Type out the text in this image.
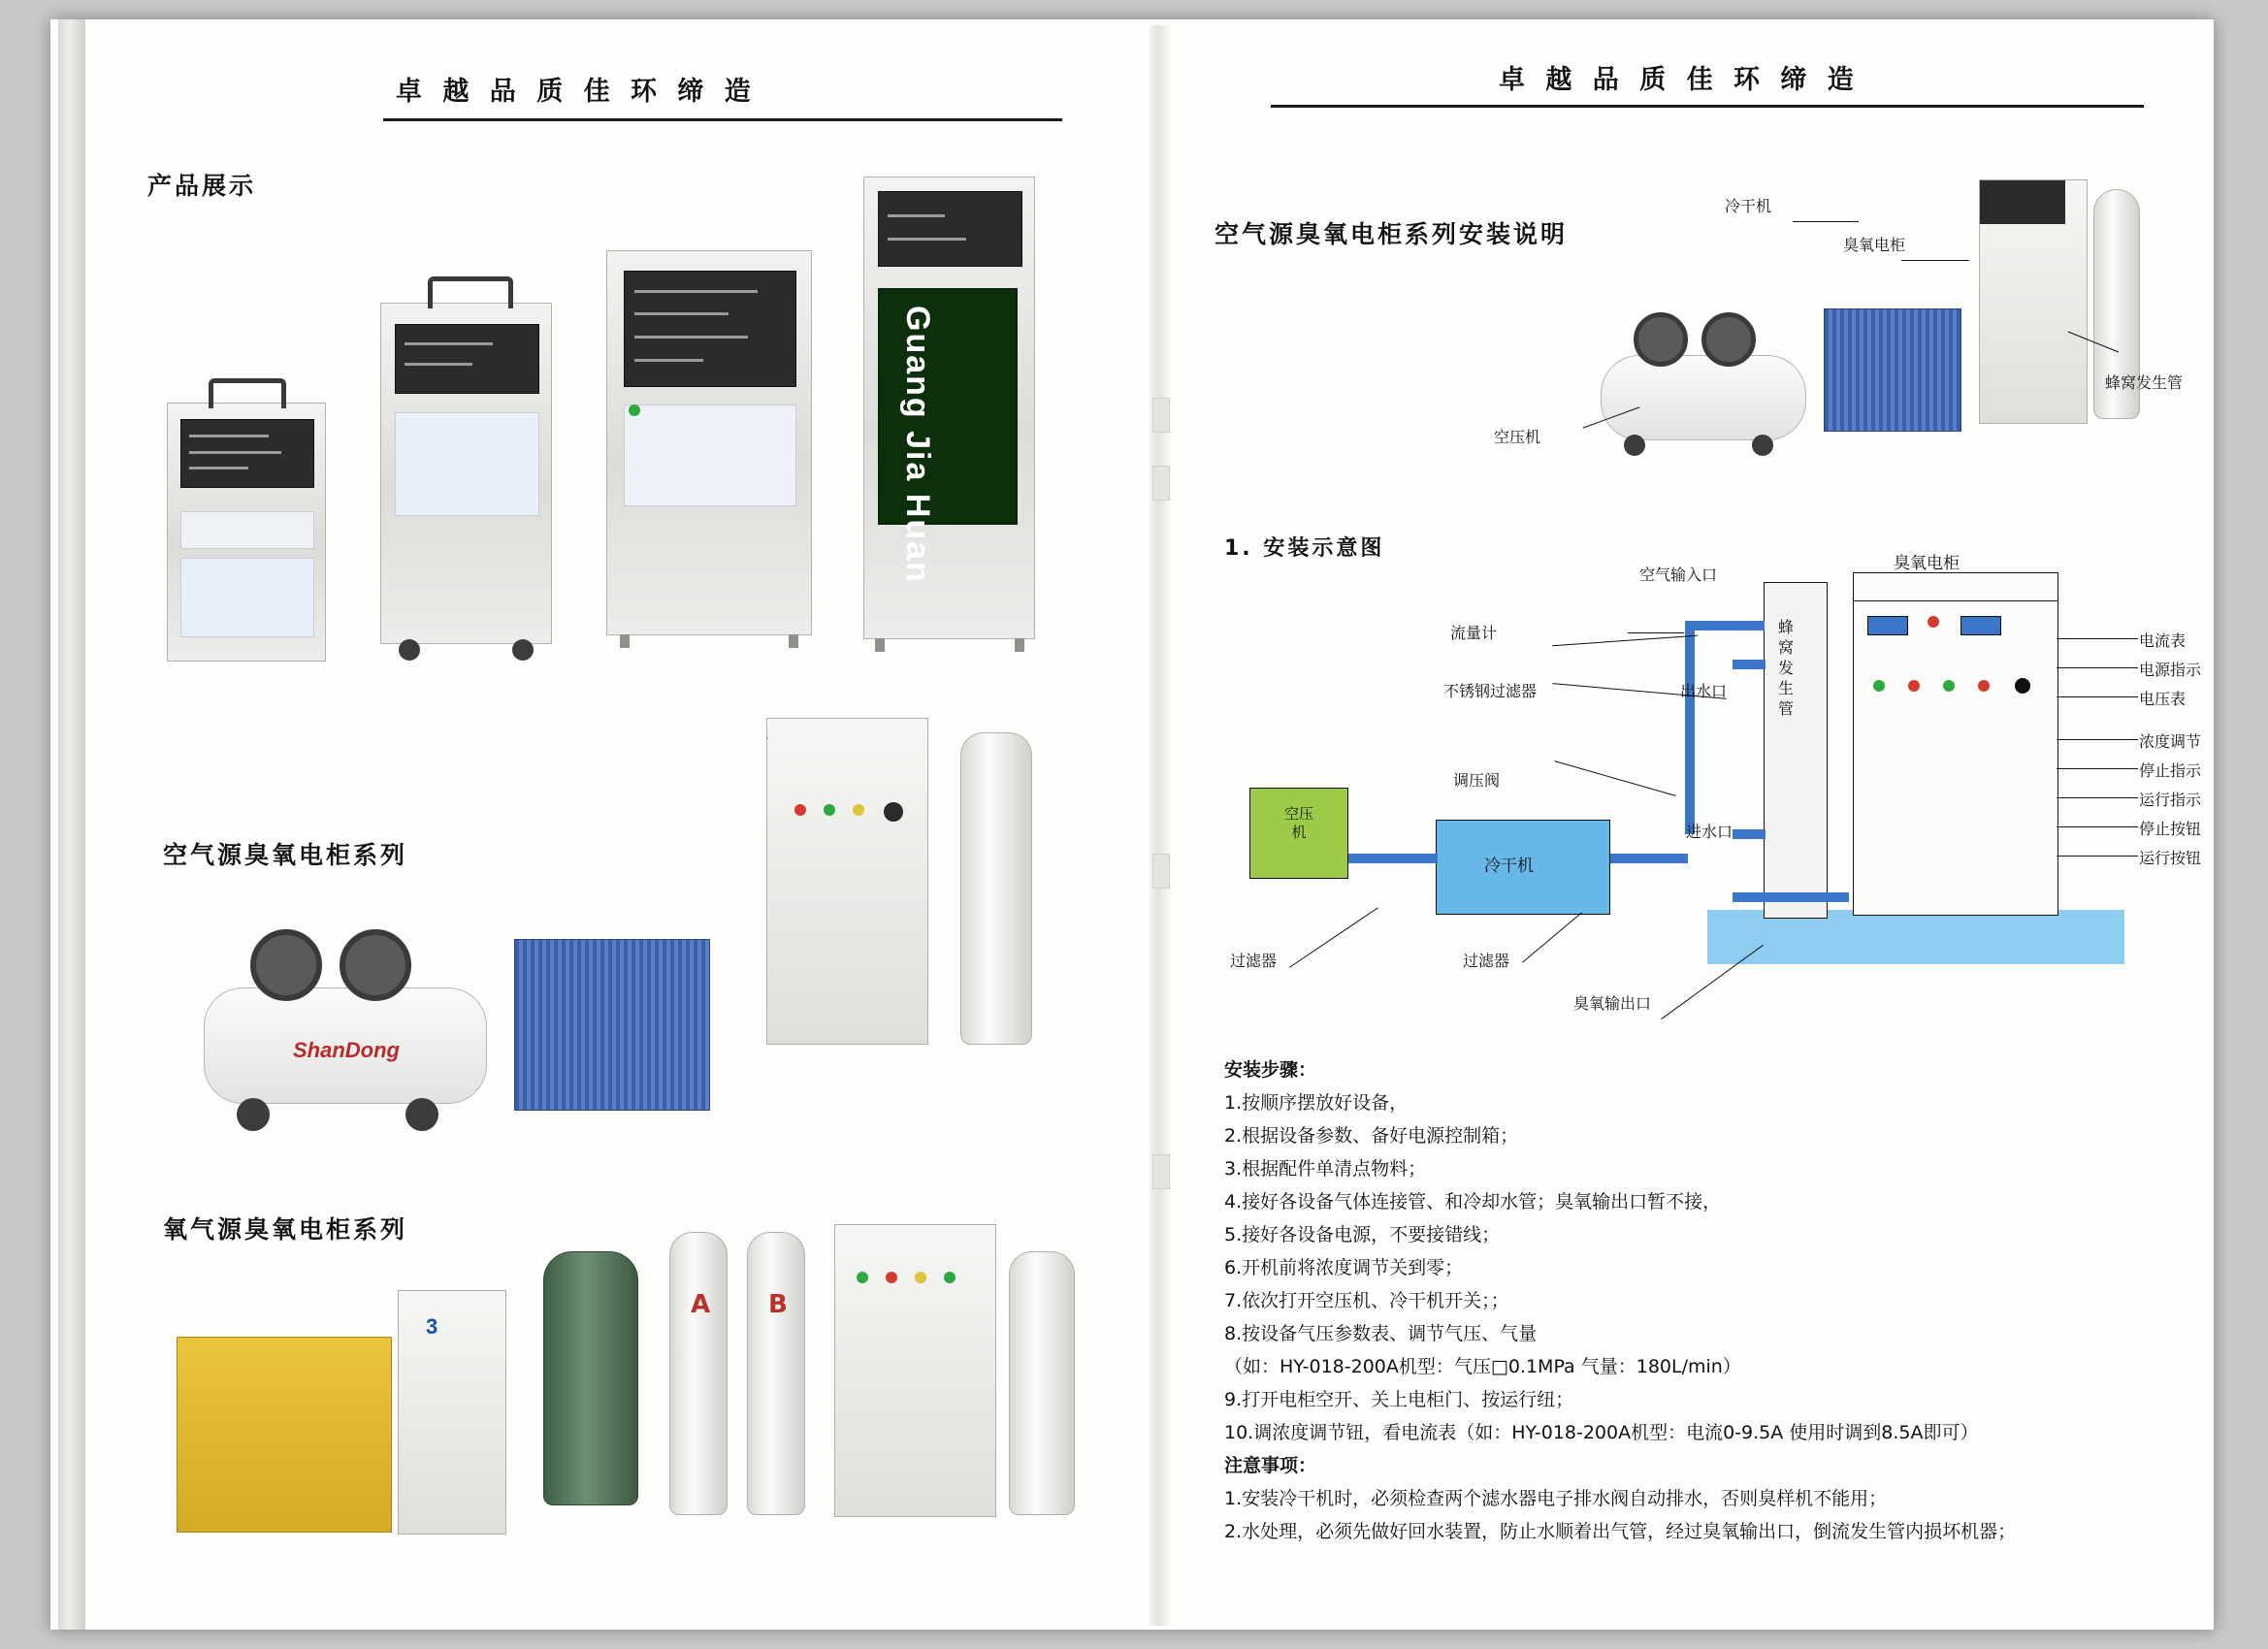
卓 越 品 质 佳 环 缔 造
产品展示
Guang Jia Huan
空气源臭氧电柜系列
ShanDong
氧气源臭氧电柜系列
3
A B
卓 越 品 质 佳 环 缔 造
空气源臭氧电柜系列安装说明
冷干机
臭氧电柜
蜂窝发生管
空压机
1. 安装示意图
空压机
冷干机
蜂窝发生管
臭氧电柜
空气输入口
流量计
不锈钢过滤器
调压阀
出水口
进水口
过滤器	过滤器
臭氧输出口
电流表
电源指示
电压表
浓度调节
停止指示
运行指示
停止按钮
运行按钮
安装步骤：
1.按顺序摆放好设备，
2.根据设备参数、备好电源控制箱；
3.根据配件单清点物料；
4.接好各设备气体连接管、和冷却水管；臭氧输出口暂不接，
5.接好各设备电源，不要接错线；
6.开机前将浓度调节关到零；
7.依次打开空压机、冷干机开关；；
8.按设备气压参数表、调节气压、气量
（如：HY-018-200A机型：气压□0.1MPa 气量：180L/min）
9.打开电柜空开、关上电柜门、按运行纽；
10.调浓度调节钮，看电流表（如：HY-018-200A机型：电流0-9.5A 使用时调到8.5A即可）
注意事项：
1.安装冷干机时，必须检查两个滤水器电子排水阀自动排水，否则臭样机不能用；
2.水处理，必须先做好回水装置，防止水顺着出气管，经过臭氧输出口，倒流发生管内损坏机器；
